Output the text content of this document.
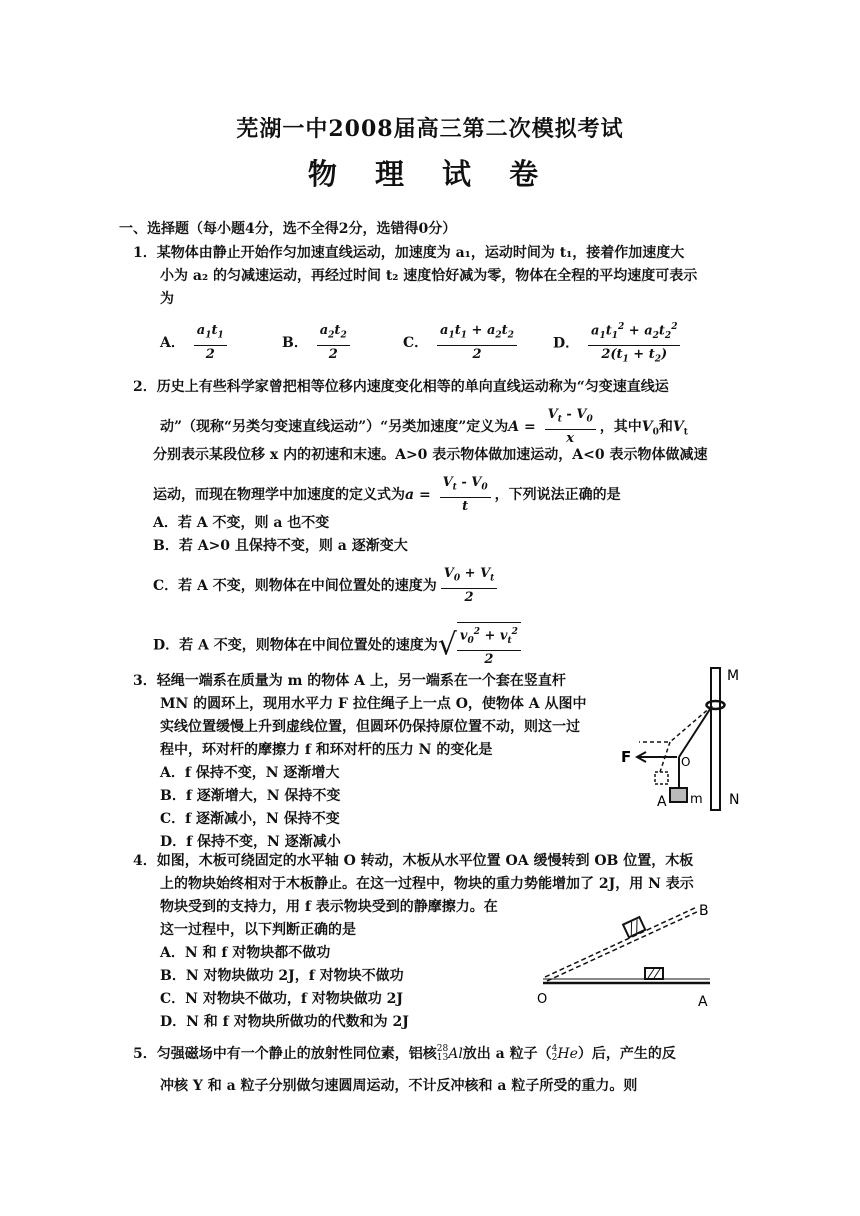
芜湖一中2008届高三第二次模拟考试
物 理 试 卷
一、选择题（每小题4分，选不全得2分，选错得0分）
1．某物体由静止开始作匀加速直线运动，加速度为 a₁，运动时间为 t₁，接着作加速度大
小为 a₂ 的匀减速运动，再经过时间 t₂ 速度恰好减为零，物体在全程的平均速度可表示
为
A． $\frac{a_1t_1}{2}$	B． $\frac{a_2t_2}{2}$	C． $\frac{a_1t_1 + a_2t_2}{2}$	D． $\frac{a_1t_1^2 + a_2t_2^2}{2(t_1 + t_2)}$
2．历史上有些科学家曾把相等位移内速度变化相等的单向直线运动称为“匀变速直线运
动”（现称“另类匀变速直线运动”）“另类加速度”定义为$A = \frac{V_t - V_0}{x}$ ，其中$V_0$和$V_t$
分别表示某段位移 x 内的初速和末速。A>0 表示物体做加速运动，A<0 表示物体做减速
运动，而现在物理学中加速度的定义式为$a = \frac{V_t - V_0}{t}$ ，下列说法正确的是
A．若 A 不变，则 a 也不变
B．若 A>0 且保持不变，则 a 逐渐变大
C．若 A 不变，则物体在中间位置处的速度为 $\frac{V_0 + V_t}{2}$
D．若 A 不变，则物体在中间位置处的速度为√ $\frac{v_0^2 + v_t^2}{2}$
3．轻绳一端系在质量为 m 的物体 A 上，另一端系在一个套在竖直杆
MN 的圆环上，现用水平力 F 拉住绳子上一点 O，使物体 A 从图中
实线位置缓慢上升到虚线位置，但圆环仍保持原位置不动，则这一过
程中，环对杆的摩擦力 f 和环对杆的压力 N 的变化是
A．f 保持不变，N 逐渐增大
B．f 逐渐增大，N 保持不变
C．f 逐渐减小，N 保持不变
D．f 保持不变，N 逐渐减小
M
N
F	O
A m
4．如图，木板可绕固定的水平轴 O 转动，木板从水平位置 OA 缓慢转到 OB 位置，木板
上的物块始终相对于木板静止。在这一过程中，物块的重力势能增加了 2J，用 N 表示
物块受到的支持力，用 f 表示物块受到的静摩擦力。在
这一过程中，以下判断正确的是
A．N 和 f 对物块都不做功
B．N 对物块做功 2J，f 对物块不做功
C．N 对物块不做功，f 对物块做功 2J
D．N 和 f 对物块所做功的代数和为 2J
O	A
B
5．匀强磁场中有一个静止的放射性同位素，铝核28
13Al放出 a 粒子（4
2He）后，产生的反
冲核 Y 和 a 粒子分别做匀速圆周运动，不计反冲核和 a 粒子所受的重力。则
